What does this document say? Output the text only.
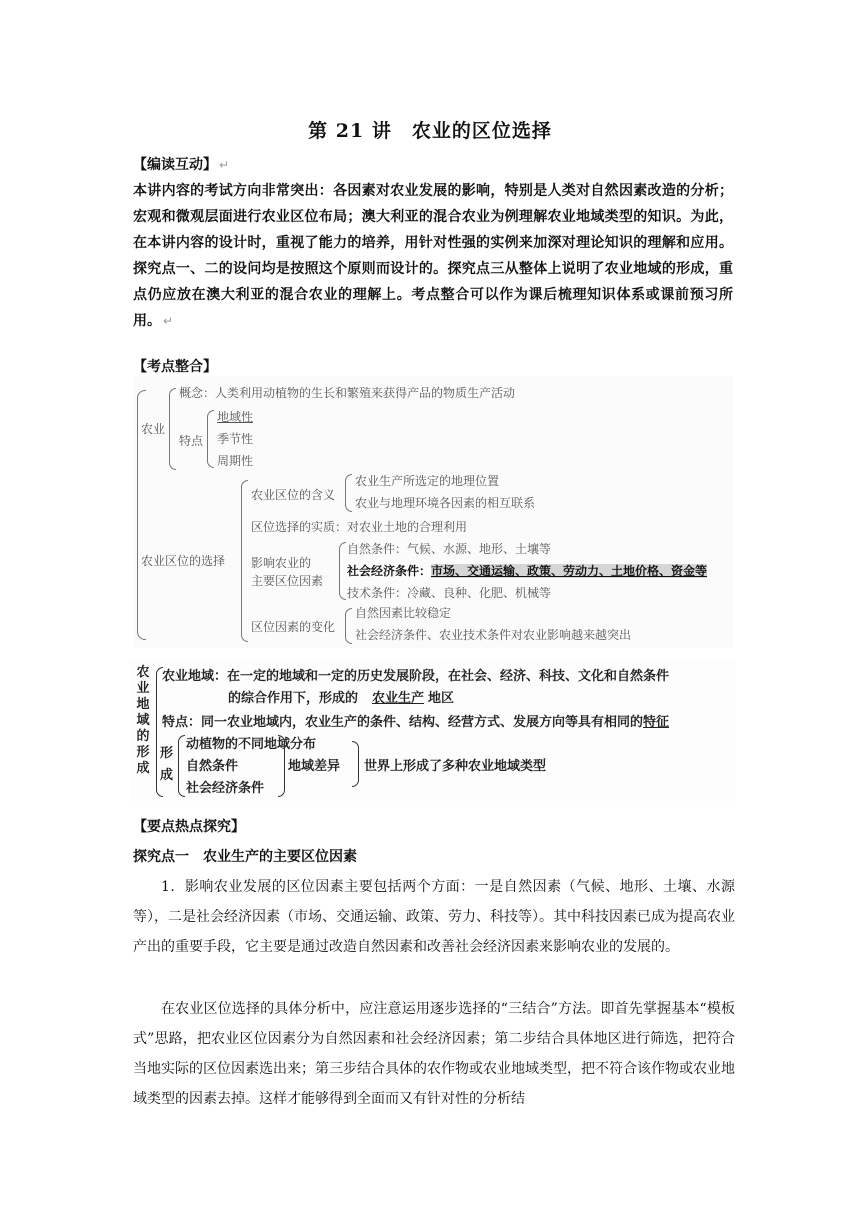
第 21 讲　农业的区位选择
【编读互动】 ↵
本讲内容的考试方向非常突出：各因素对农业发展的影响，特别是人类对自然因素改造的分析；宏观和微观层面进行农业区位布局；澳大利亚的混合农业为例理解农业地域类型的知识。为此，在本讲内容的设计时，重视了能力的培养，用针对性强的实例来加深对理论知识的理解和应用。探究点一、二的设问均是按照这个原则而设计的。探究点三从整体上说明了农业地域的形成，重点仍应放在澳大利亚的混合农业的理解上。考点整合可以作为课后梳理知识体系或课前预习所用。 ↵
【考点整合】
农业
概念：人类利用动植物的生长和繁殖来获得产品的物质生产活动
特点
地域性
季节性
周期性
农业区位的选择
农业区位的含义
农业生产所选定的地理位置
农业与地理环境各因素的相互联系
区位选择的实质：对农业土地的合理利用
影响农业的
主要区位因素
自然条件：气候、水源、地形、土壤等
社会经济条件：市场、交通运输、政策、劳动力、土地价格、资金等
技术条件：冷藏、良种、化肥、机械等
区位因素的变化
自然因素比较稳定
社会经济条件、农业技术条件对农业影响越来越突出
农业地域的形成
农业地域：在一定的地域和一定的历史发展阶段，在社会、经济、科技、文化和自然条件
的综合作用下，形成的 农业生产 地区
特点：同一农业地域内，农业生产的条件、结构、经营方式、发展方向等具有相同的特征
形成
动植物的不同地域分布
自然条件
社会经济条件
地域差异 世界上形成了多种农业地域类型
【要点热点探究】
探究点一　农业生产的主要区位因素
1．影响农业发展的区位因素主要包括两个方面：一是自然因素（气候、地形、土壤、水源等），二是社会经济因素（市场、交通运输、政策、劳力、科技等）。其中科技因素已成为提高农业产出的重要手段，它主要是通过改造自然因素和改善社会经济因素来影响农业的发展的。
在农业区位选择的具体分析中，应注意运用逐步选择的“三结合”方法。即首先掌握基本“模板式”思路，把农业区位因素分为自然因素和社会经济因素；第二步结合具体地区进行筛选，把符合当地实际的区位因素选出来；第三步结合具体的农作物或农业地域类型，把不符合该作物或农业地域类型的因素去掉。这样才能够得到全面而又有针对性的分析结
